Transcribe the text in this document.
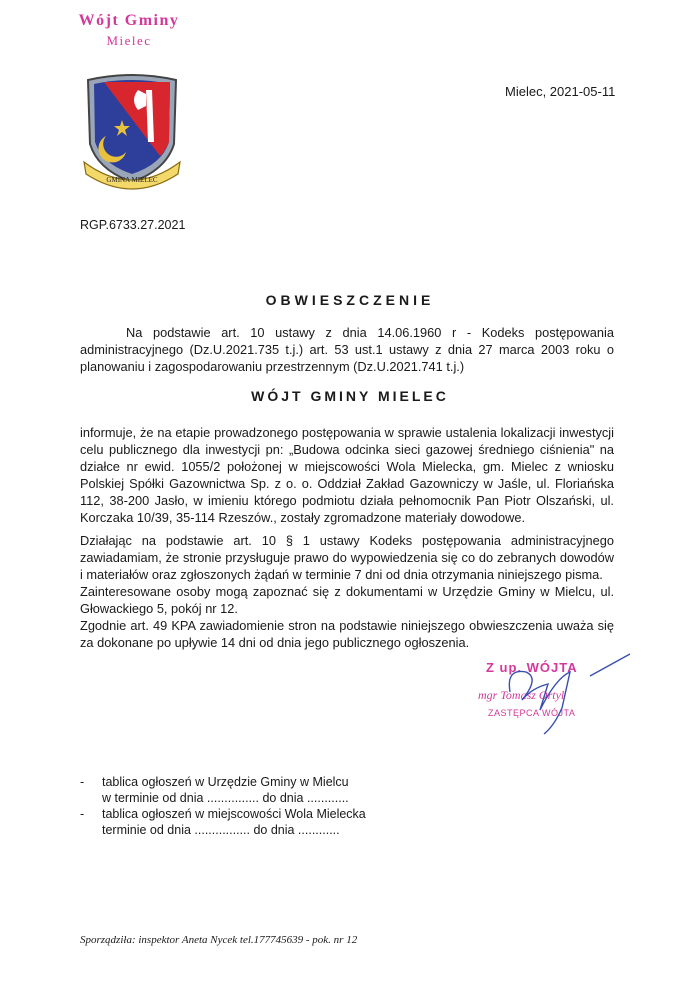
Wójt Gminy
Mielec
GMINA MIELEC
Mielec, 2021-05-11
RGP.6733.27.2021
OBWIESZCZENIE
Na podstawie art. 10 ustawy z dnia 14.06.1960 r - Kodeks postępowania administracyjnego (Dz.U.2021.735 t.j.) art. 53 ust.1 ustawy z dnia 27 marca 2003 roku o planowaniu i zagospodarowaniu przestrzennym (Dz.U.2021.741 t.j.)
WÓJT GMINY MIELEC
informuje, że na etapie prowadzonego postępowania w sprawie ustalenia lokalizacji inwestycji celu publicznego dla inwestycji pn: „Budowa odcinka sieci gazowej średniego ciśnienia" na działce nr ewid. 1055/2 położonej w miejscowości Wola Mielecka, gm. Mielec z wniosku Polskiej Spółki Gazownictwa Sp. z o. o. Oddział Zakład Gazowniczy w Jaśle, ul. Floriańska 112, 38-200 Jasło, w imieniu którego podmiotu działa pełnomocnik Pan Piotr Olszański, ul. Korczaka 10/39, 35-114 Rzeszów., zostały zgromadzone materiały dowodowe.
Działając na podstawie art. 10 § 1 ustawy Kodeks postępowania administracyjnego zawiadamiam, że stronie przysługuje prawo do wypowiedzenia się co do zebranych dowodów i materiałów oraz zgłoszonych żądań w terminie 7 dni od dnia otrzymania niniejszego pisma.
Zainteresowane osoby mogą zapoznać się z dokumentami w Urzędzie Gminy w Mielcu, ul. Głowackiego 5, pokój nr 12.
Zgodnie art. 49 KPA zawiadomienie stron na podstawie niniejszego obwieszczenia uważa się za dokonane po upływie 14 dni od dnia jego publicznego ogłoszenia.
Z up. WÓJTA
mgr Tomasz Ortyl
ZASTĘPCA WÓJTA
-	tablica ogłoszeń w Urzędzie Gminy w Mielcu
w terminie od dnia ............... do dnia ............
-	tablica ogłoszeń w miejscowości Wola Mielecka
terminie od dnia ................ do dnia ............
Sporządziła: inspektor Aneta Nycek tel.177745639 - pok. nr 12
